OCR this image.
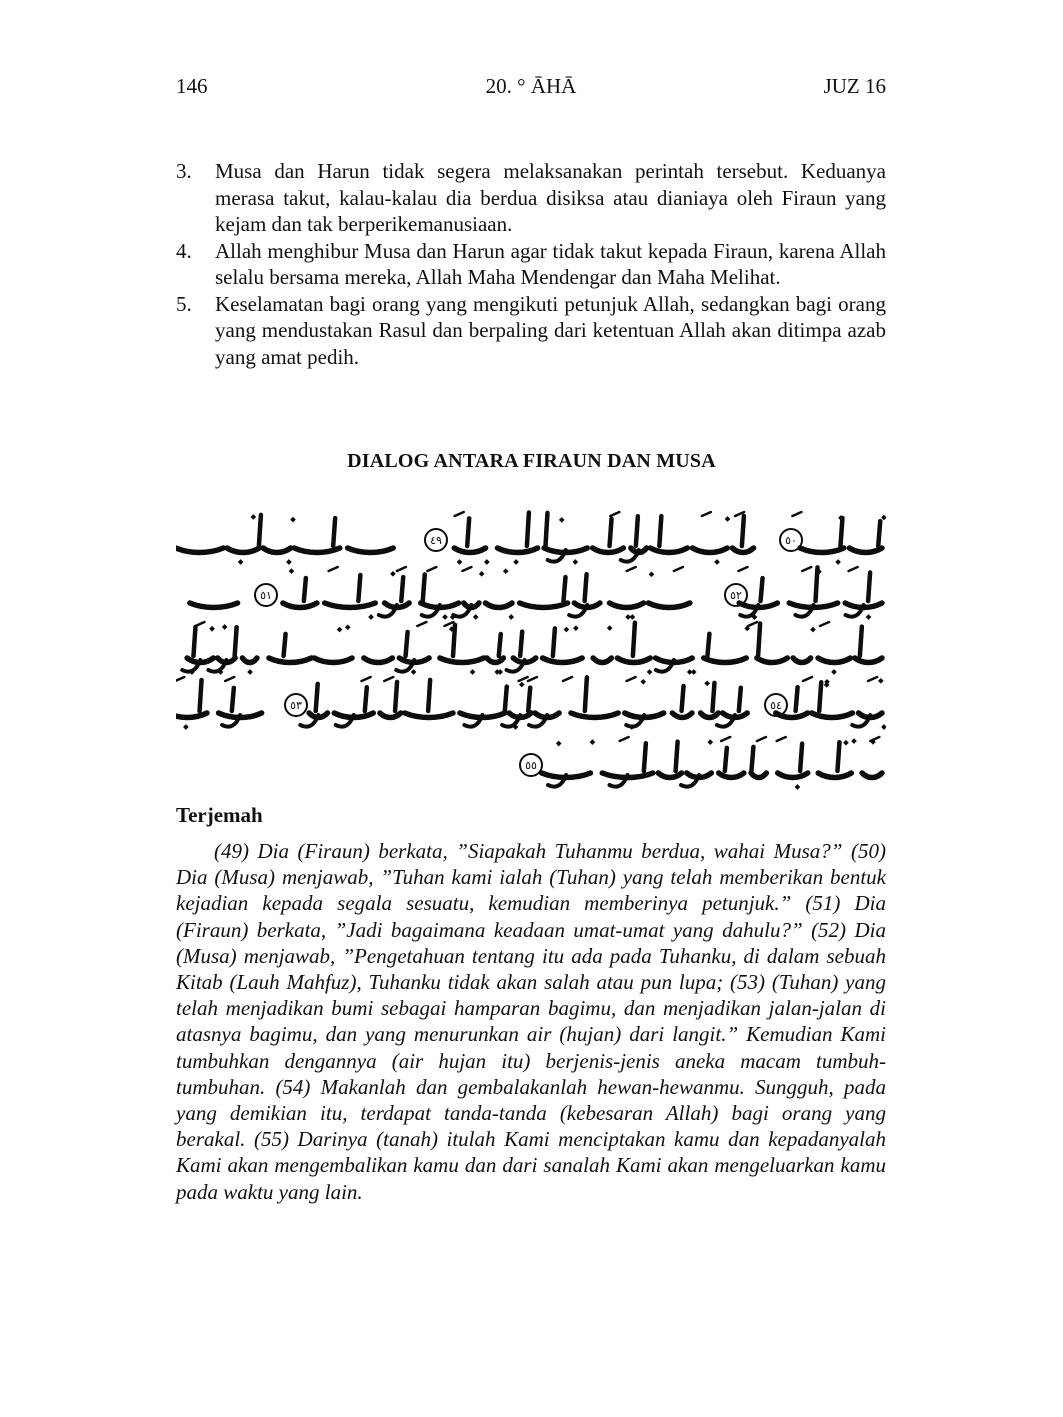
146	20. ° ĀHĀ	JUZ 16
3. Musa dan Harun tidak segera melaksanakan perintah tersebut. Keduanya merasa takut, kalau-kalau dia berdua disiksa atau dianiaya oleh Firaun yang kejam dan tak berperikemanusiaan.
4. Allah menghibur Musa dan Harun agar tidak takut kepada Firaun, karena Allah selalu bersama mereka, Allah Maha Mendengar dan Maha Melihat.
5. Keselamatan bagi orang yang mengikuti petunjuk Allah, sedangkan bagi orang yang mendustakan Rasul dan berpaling dari ketentuan Allah akan ditimpa azab yang amat pedih.
DIALOG ANTARA FIRAUN DAN MUSA
٤٩	٥٠
٥١	٥٢
٥٣	٥٤
٥٥
Terjemah

(49) Dia (Firaun) berkata, ”Siapakah Tuhanmu berdua, wahai Musa?” (50) Dia (Musa) menjawab, ”Tuhan kami ialah (Tuhan) yang telah memberikan bentuk kejadian kepada segala sesuatu, kemudian memberinya petunjuk.” (51) Dia (Firaun) berkata, ”Jadi bagaimana keadaan umat-umat yang dahulu?” (52) Dia (Musa) menjawab, ”Pengetahuan tentang itu ada pada Tuhanku, di dalam sebuah Kitab (Lauh Mahfuz), Tuhanku tidak akan salah atau pun lupa; (53) (Tuhan) yang telah menjadikan bumi sebagai hamparan bagimu, dan menjadikan jalan-jalan di atasnya bagimu, dan yang menurunkan air (hujan) dari langit.” Kemudian Kami tumbuhkan dengannya (air hujan itu) berjenis-jenis aneka macam tumbuh-tumbuhan. (54) Makanlah dan gembalakanlah hewan-hewanmu. Sungguh, pada yang demikian itu, terdapat tanda-tanda (kebesaran Allah) bagi orang yang berakal. (55) Darinya (tanah) itulah Kami menciptakan kamu dan kepadanyalah Kami akan mengembalikan kamu dan dari sanalah Kami akan mengeluarkan kamu pada waktu yang lain.
